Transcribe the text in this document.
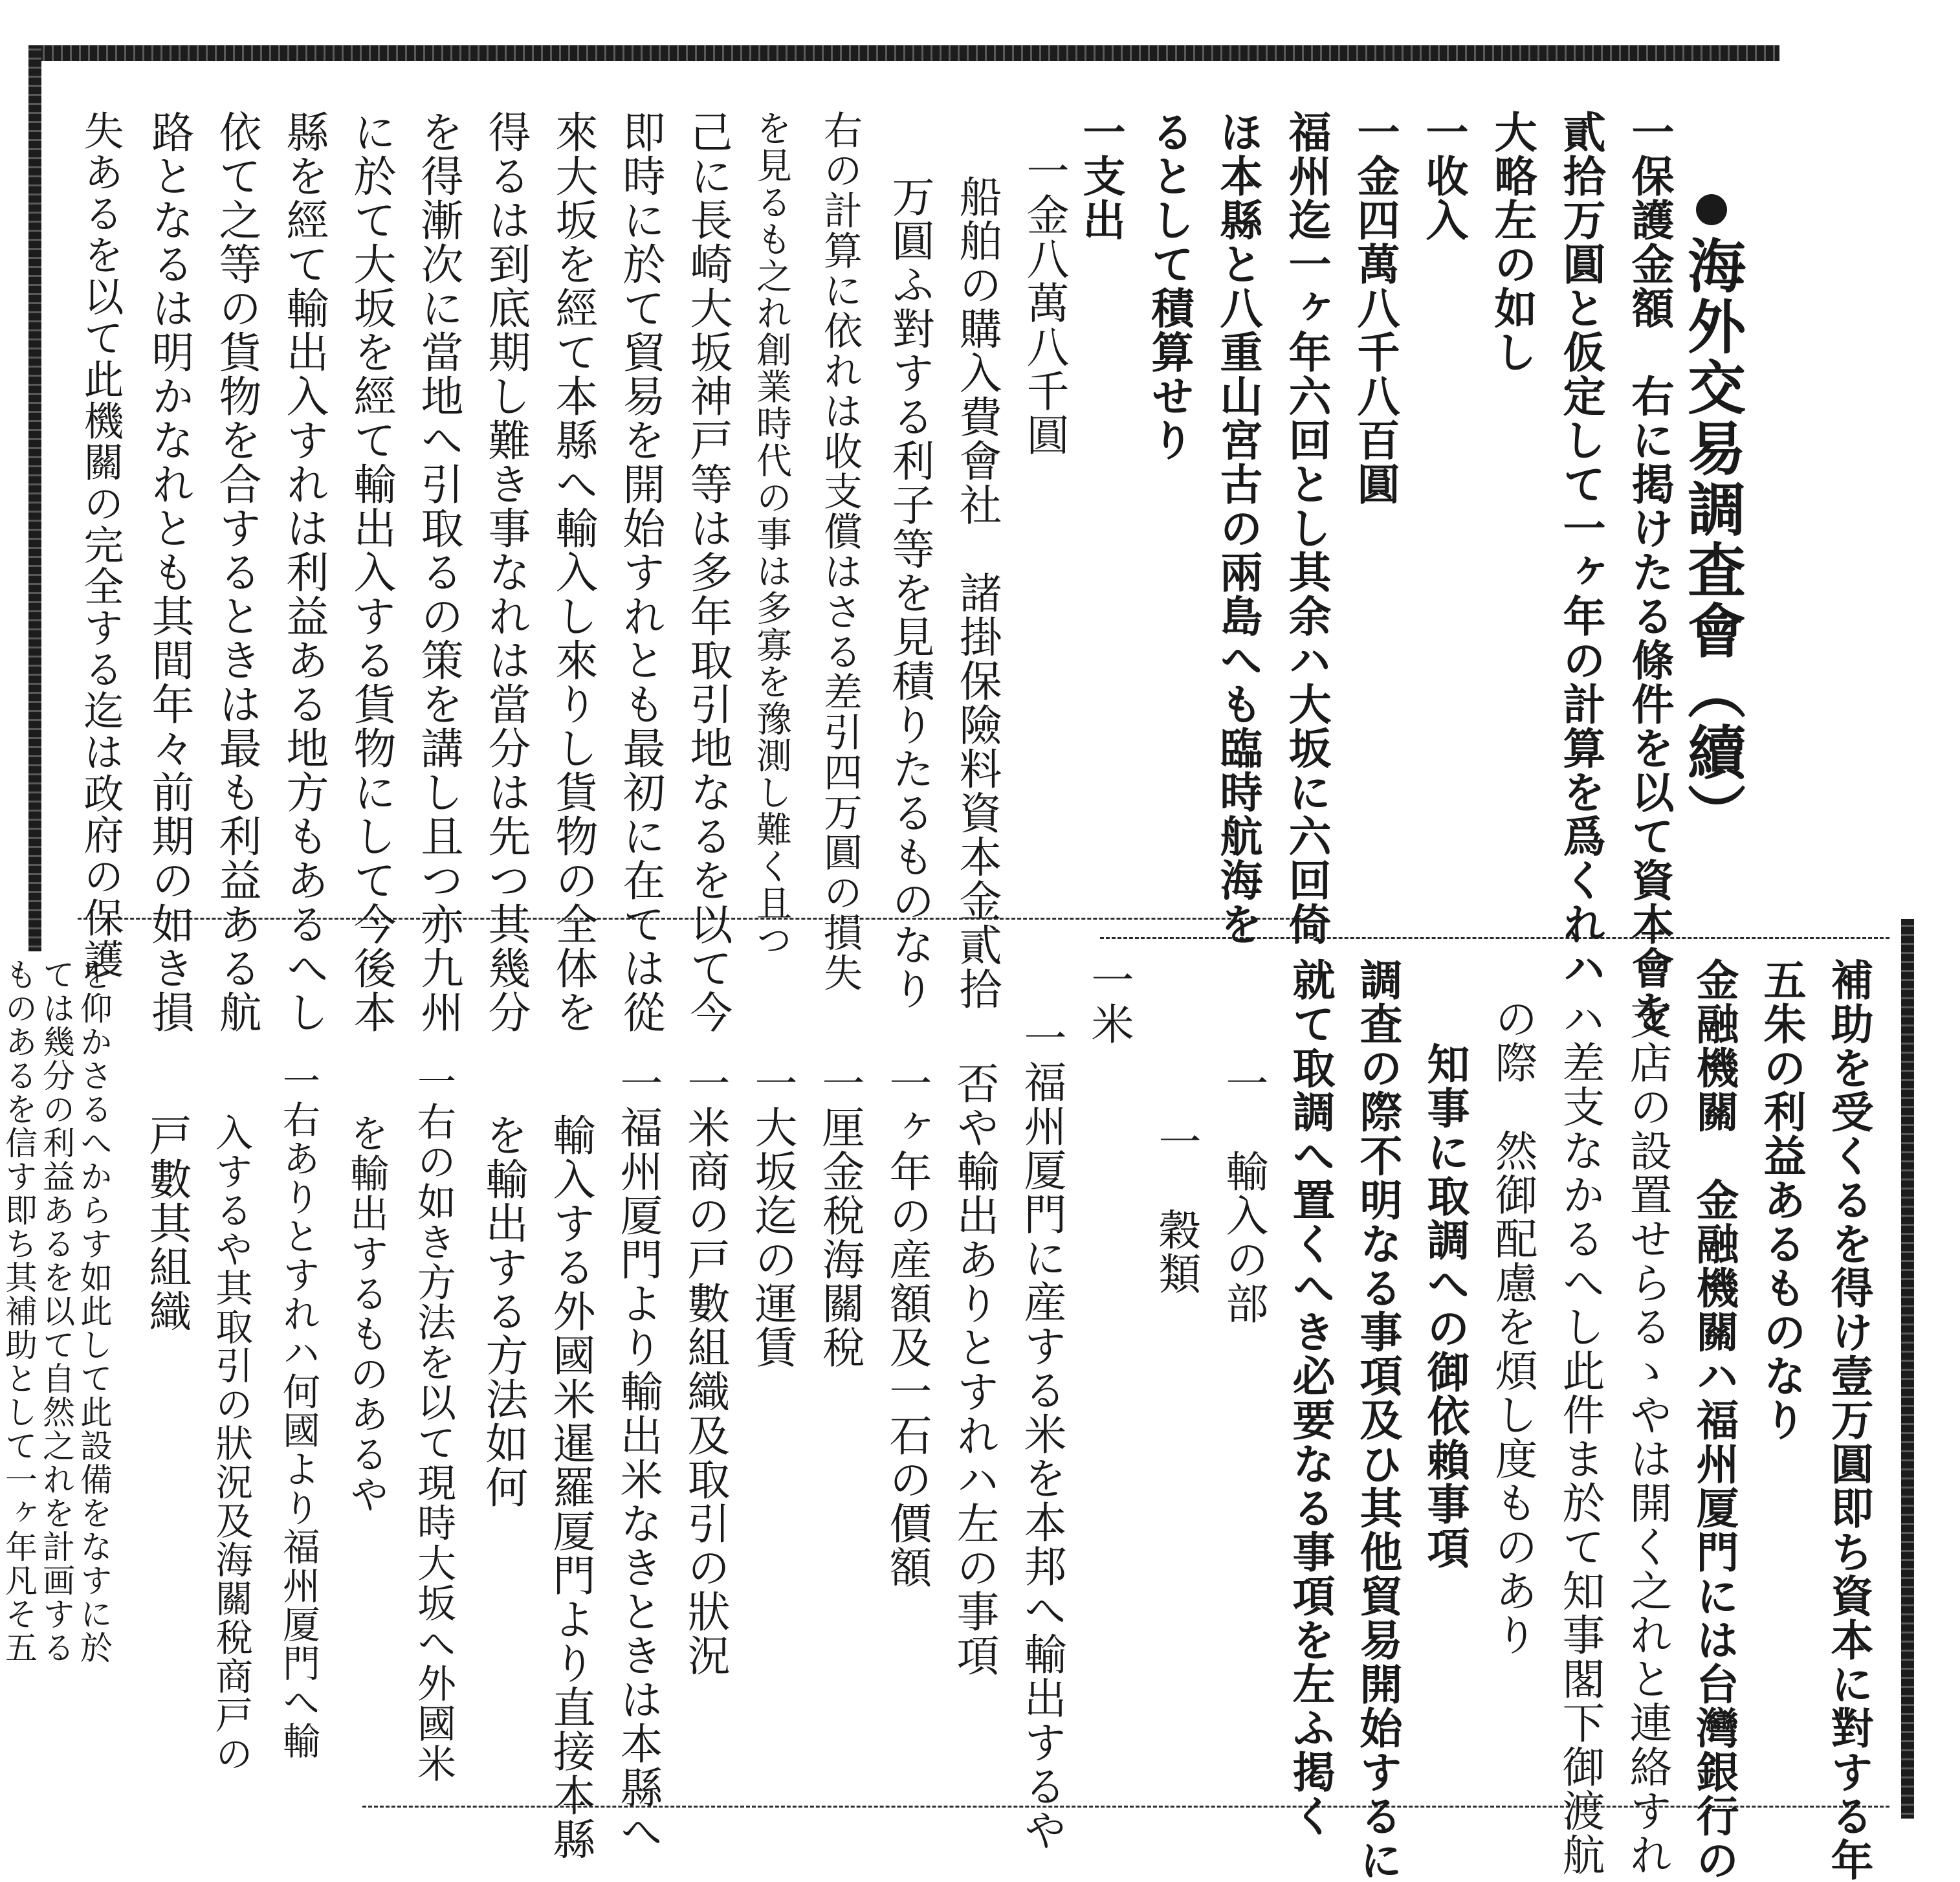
海外交易調査會（續）
一保護金額　右に掲けたる條件を以て資本會を
貳拾万圓と仮定して一ヶ年の計算を爲くれハ
大略左の如し
一收入
一金四萬八千八百圓
福州迄一ヶ年六回とし其余ハ大坂に六回倚
ほ本縣と八重山宮古の兩島へも臨時航海を
るとして積算せり
一支出
一金八萬八千圓
船舶の購入費會社　諸掛保險料資本金貳拾
万圓ふ對する利子等を見積りたるものなり
右の計算に依れは收支償はさる差引四万圓の損失
を見るも之れ創業時代の事は多寡を豫測し難く且つ
己に長崎大坂神戸等は多年取引地なるを以て今
即時に於て貿易を開始すれとも最初に在ては從
來大坂を經て本縣へ輸入し來りし貨物の全体を
得るは到底期し難き事なれは當分は先つ其幾分
を得漸次に當地へ引取るの策を講し且つ亦九州
に於て大坂を經て輸出入する貨物にして今後本
縣を經て輸出入すれは利益ある地方もあるへし
依て之等の貨物を合するときは最も利益ある航
路となるは明かなれとも其間年々前期の如き損
失あるを以て此機關の完全する迄は政府の保護
補助を受くるを得け壹万圓即ち資本に對する年
五朱の利益あるものなり
金融機關　金融機關ハ福州厦門には台灣銀行の
支店の設置せらるゝやは開く之れと連絡すれ
ハ差支なかるへし此件ま於て知事閣下御渡航
の際　然御配慮を煩し度ものあり
知事に取調への御依賴事項
調査の際不明なる事項及ひ其他貿易開始するに
就て取調へ置くへき必要なる事項を左ふ掲く
一　輸入の部
一　穀類
一米
一福州厦門に産する米を本邦へ輸出するや
否や輸出ありとすれハ左の事項
一ヶ年の産額及一石の價額
一厘金稅海關稅
一大坂迄の運賃
一米商の戸數組織及取引の狀況
一福州厦門より輸出米なきときは本縣へ
輸入する外國米暹羅厦門より直接本縣
を輸出する方法如何
一右の如き方法を以て現時大坂へ外國米
を輸出するものあるや
一右ありとすれハ何國より福州厦門へ輸
入するや其取引の狀況及海關稅商戸の
戸數其組織
を仰かさるへからす如此して此設備をなすに於
ては幾分の利益あるを以て自然之れを計画する
ものあるを信す即ち其補助として一ヶ年凡そ五
